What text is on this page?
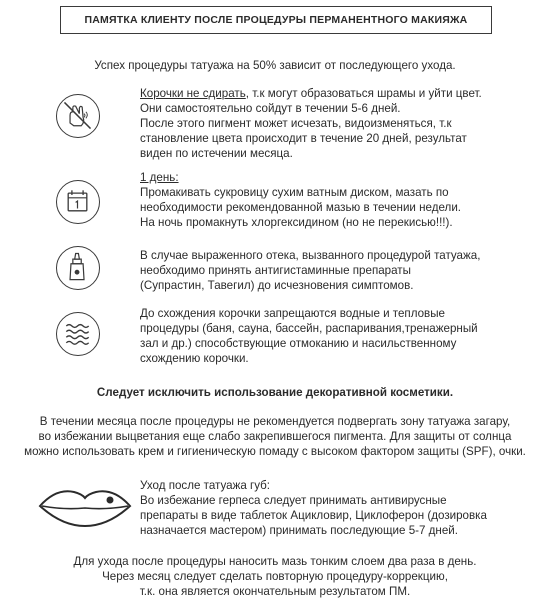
ПАМЯТКА КЛИЕНТУ ПОСЛЕ ПРОЦЕДУРЫ ПЕРМАНЕНТНОГО МАКИЯЖА

Успех процедуры татуажа на 50% зависит от последующего ухода.

Корочки не сдирать, т.к могут образоваться шрамы и уйти цвет.

Они самостоятельно сойдут в течении 5-6 дней.

После этого пигмент может исчезать, видоизменяться, т.к

становление цвета происходит в течение 20 дней, результат

виден по истечении месяца.

1 день:

Промакивать сукровицу сухим ватным диском, мазать по

необходимости рекомендованной мазью в течении недели.

На ночь промакнуть хлоргексидином (но не перекисью!!!).

В случае выраженного отека, вызванного процедурой татуажа,

необходимо принять антигистаминные препараты

(Супрастин, Тавегил) до исчезновения симптомов.

До схождения корочки запрещаются водные и тепловые

процедуры (баня, сауна, бассейн, распаривания,тренажерный

зал и др.) способствующие отмоканию и насильственному

схождению корочки.

Следует исключить использование декоративной косметики.

В течении месяца после процедуры не рекомендуется подвергать зону татуажа загару,

во избежании выцветания еще слабо закрепившегося пигмента. Для защиты от солнца

можно использовать крем и гигиеническую помаду с высоком фактором защиты (SPF), очки.

Уход после татуажа губ:

Во избежание герпеса следует принимать антивирусные

препараты в виде таблеток Ацикловир, Циклоферон (дозировка

назначается мастером) принимать последующие 5-7 дней.

Для ухода после процедуры наносить мазь тонким слоем два раза в день.

Через месяц следует сделать повторную процедуру-коррекцию,

т.к. она является окончательным результатом ПМ.
